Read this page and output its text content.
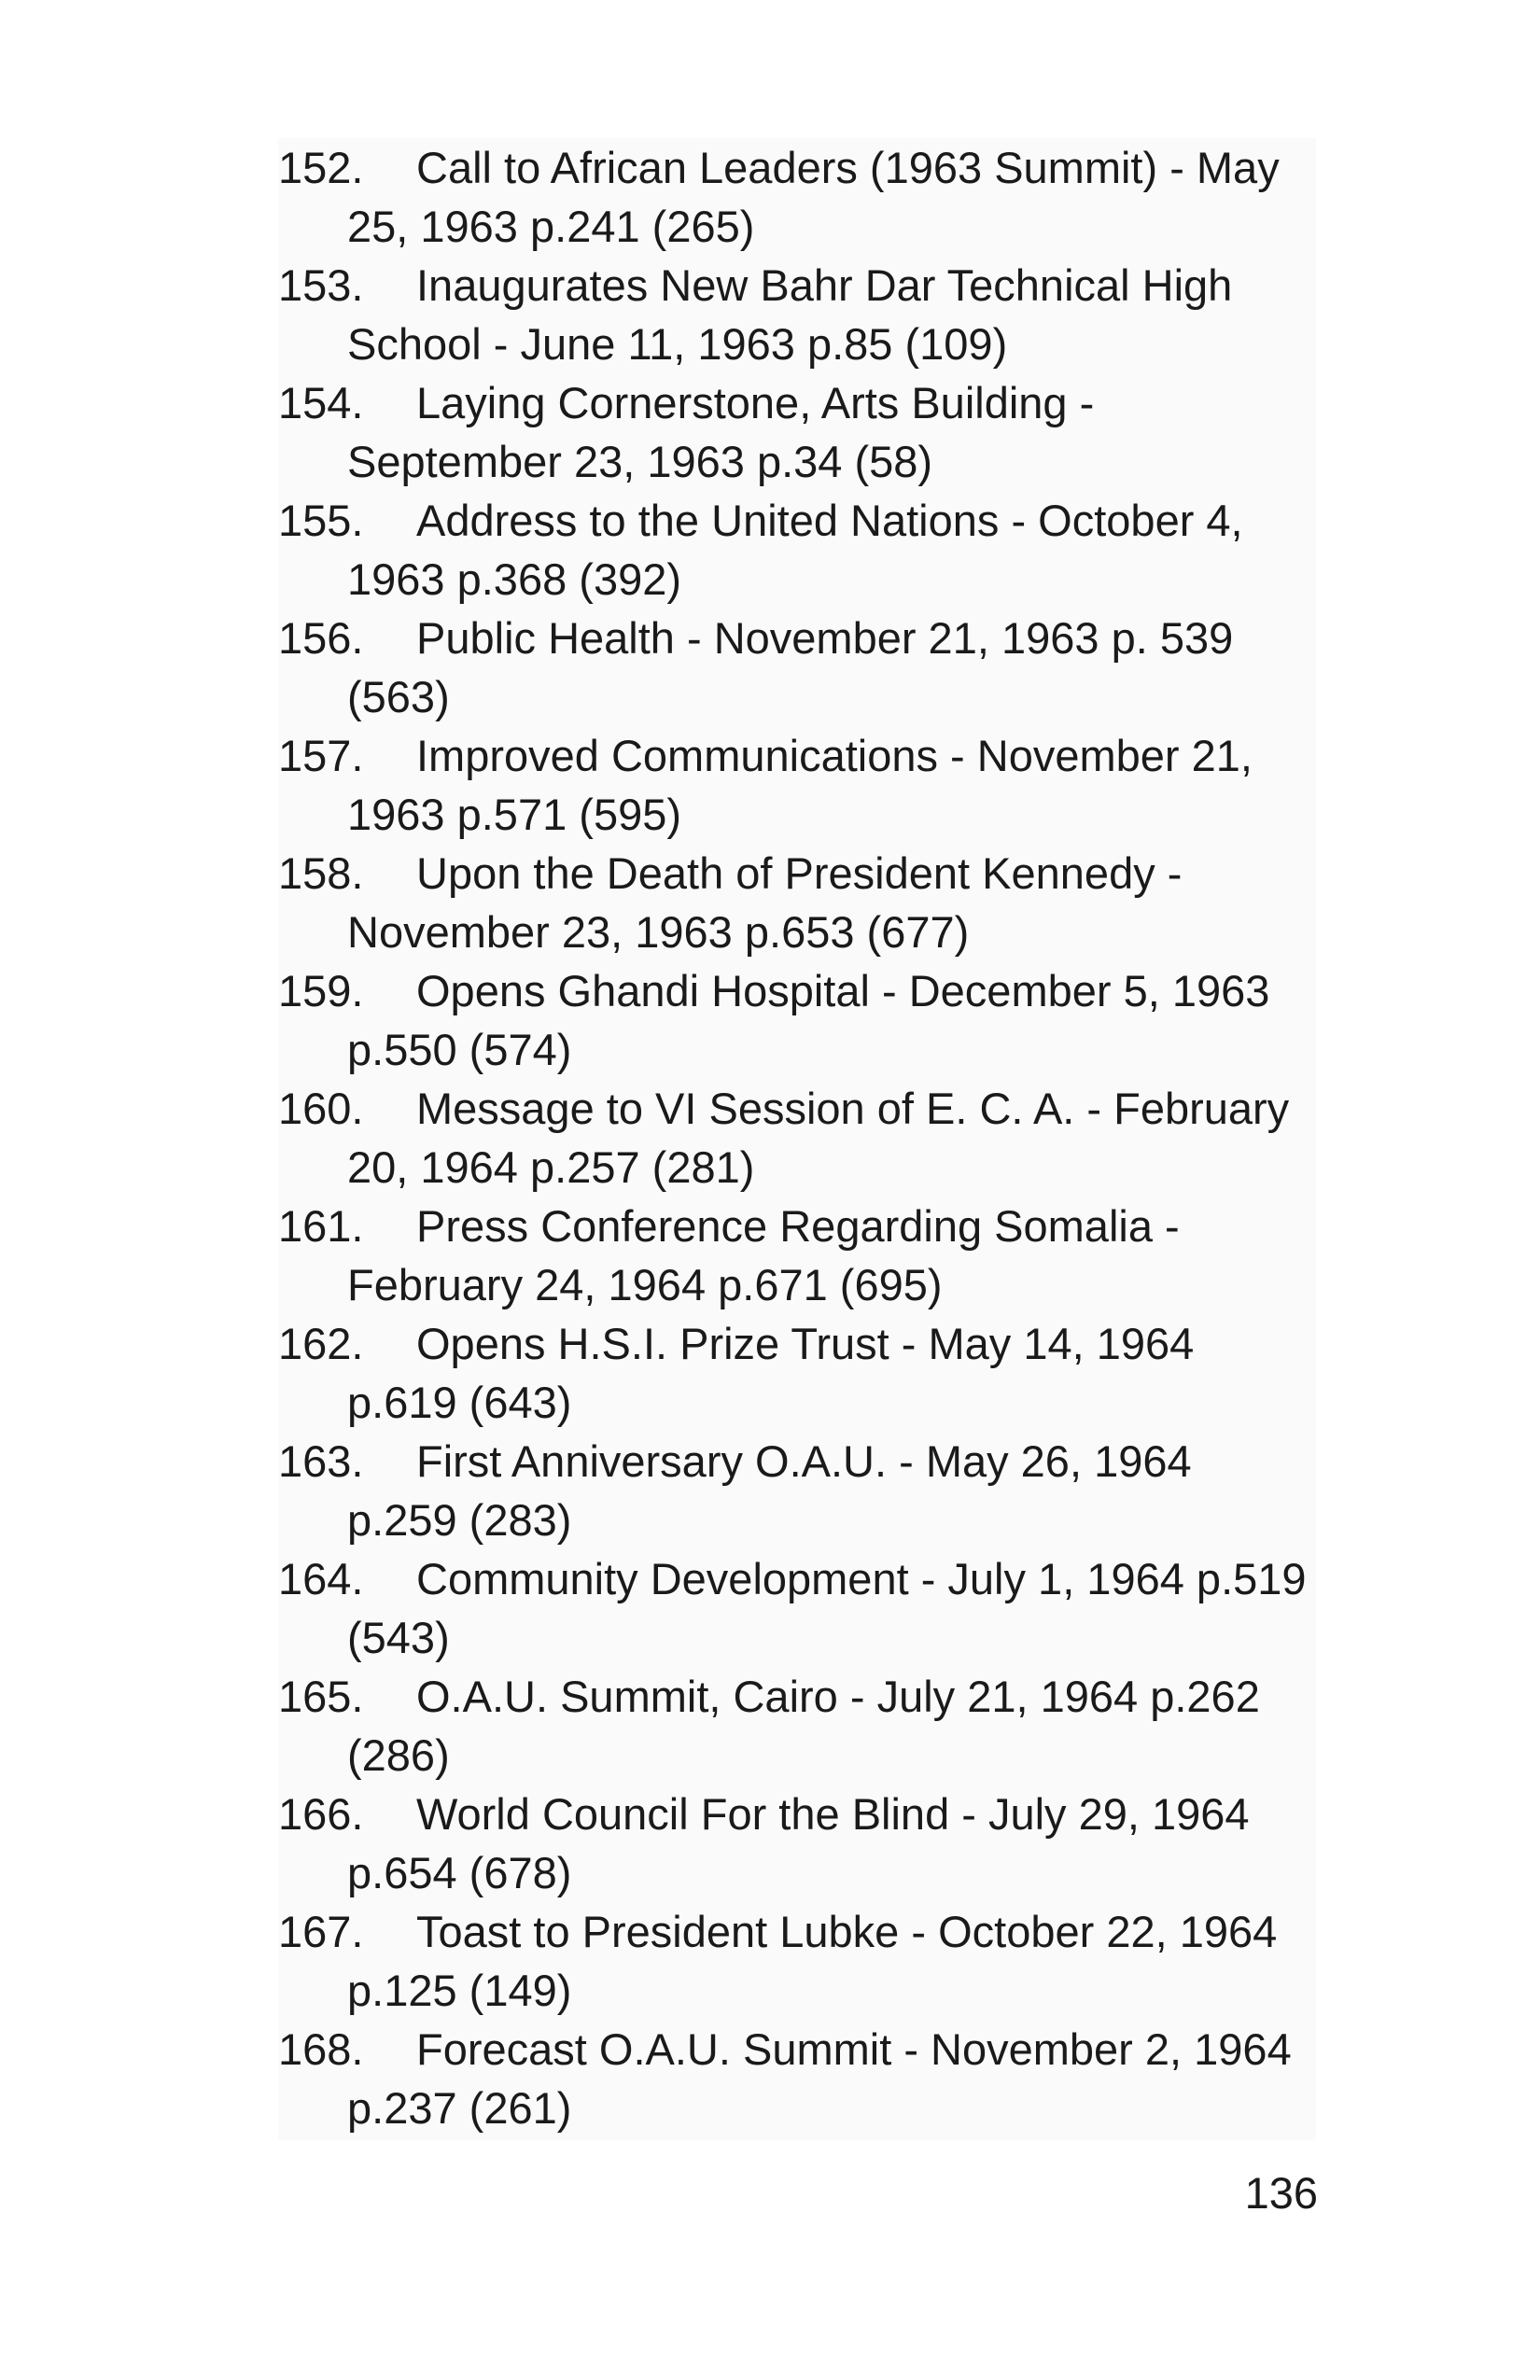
152. Call to African Leaders (1963 Summit) - May
25, 1963 p.241 (265)
153. Inaugurates New Bahr Dar Technical High
School - June 11, 1963 p.85 (109)
154. Laying Cornerstone, Arts Building -
September 23, 1963 p.34 (58)
155. Address to the United Nations - October 4,
1963 p.368 (392)
156. Public Health - November 21, 1963 p. 539
(563)
157. Improved Communications - November 21,
1963 p.571 (595)
158. Upon the Death of President Kennedy -
November 23, 1963 p.653 (677)
159. Opens Ghandi Hospital - December 5, 1963
p.550 (574)
160. Message to VI Session of E. C. A. - February
20, 1964 p.257 (281)
161. Press Conference Regarding Somalia -
February 24, 1964 p.671 (695)
162. Opens H.S.I. Prize Trust - May 14, 1964
p.619 (643)
163. First Anniversary O.A.U. - May 26, 1964
p.259 (283)
164. Community Development - July 1, 1964 p.519
(543)
165. O.A.U. Summit, Cairo - July 21, 1964 p.262
(286)
166. World Council For the Blind - July 29, 1964
p.654 (678)
167. Toast to President Lubke - October 22, 1964
p.125 (149)
168. Forecast O.A.U. Summit - November 2, 1964
p.237 (261)
136
